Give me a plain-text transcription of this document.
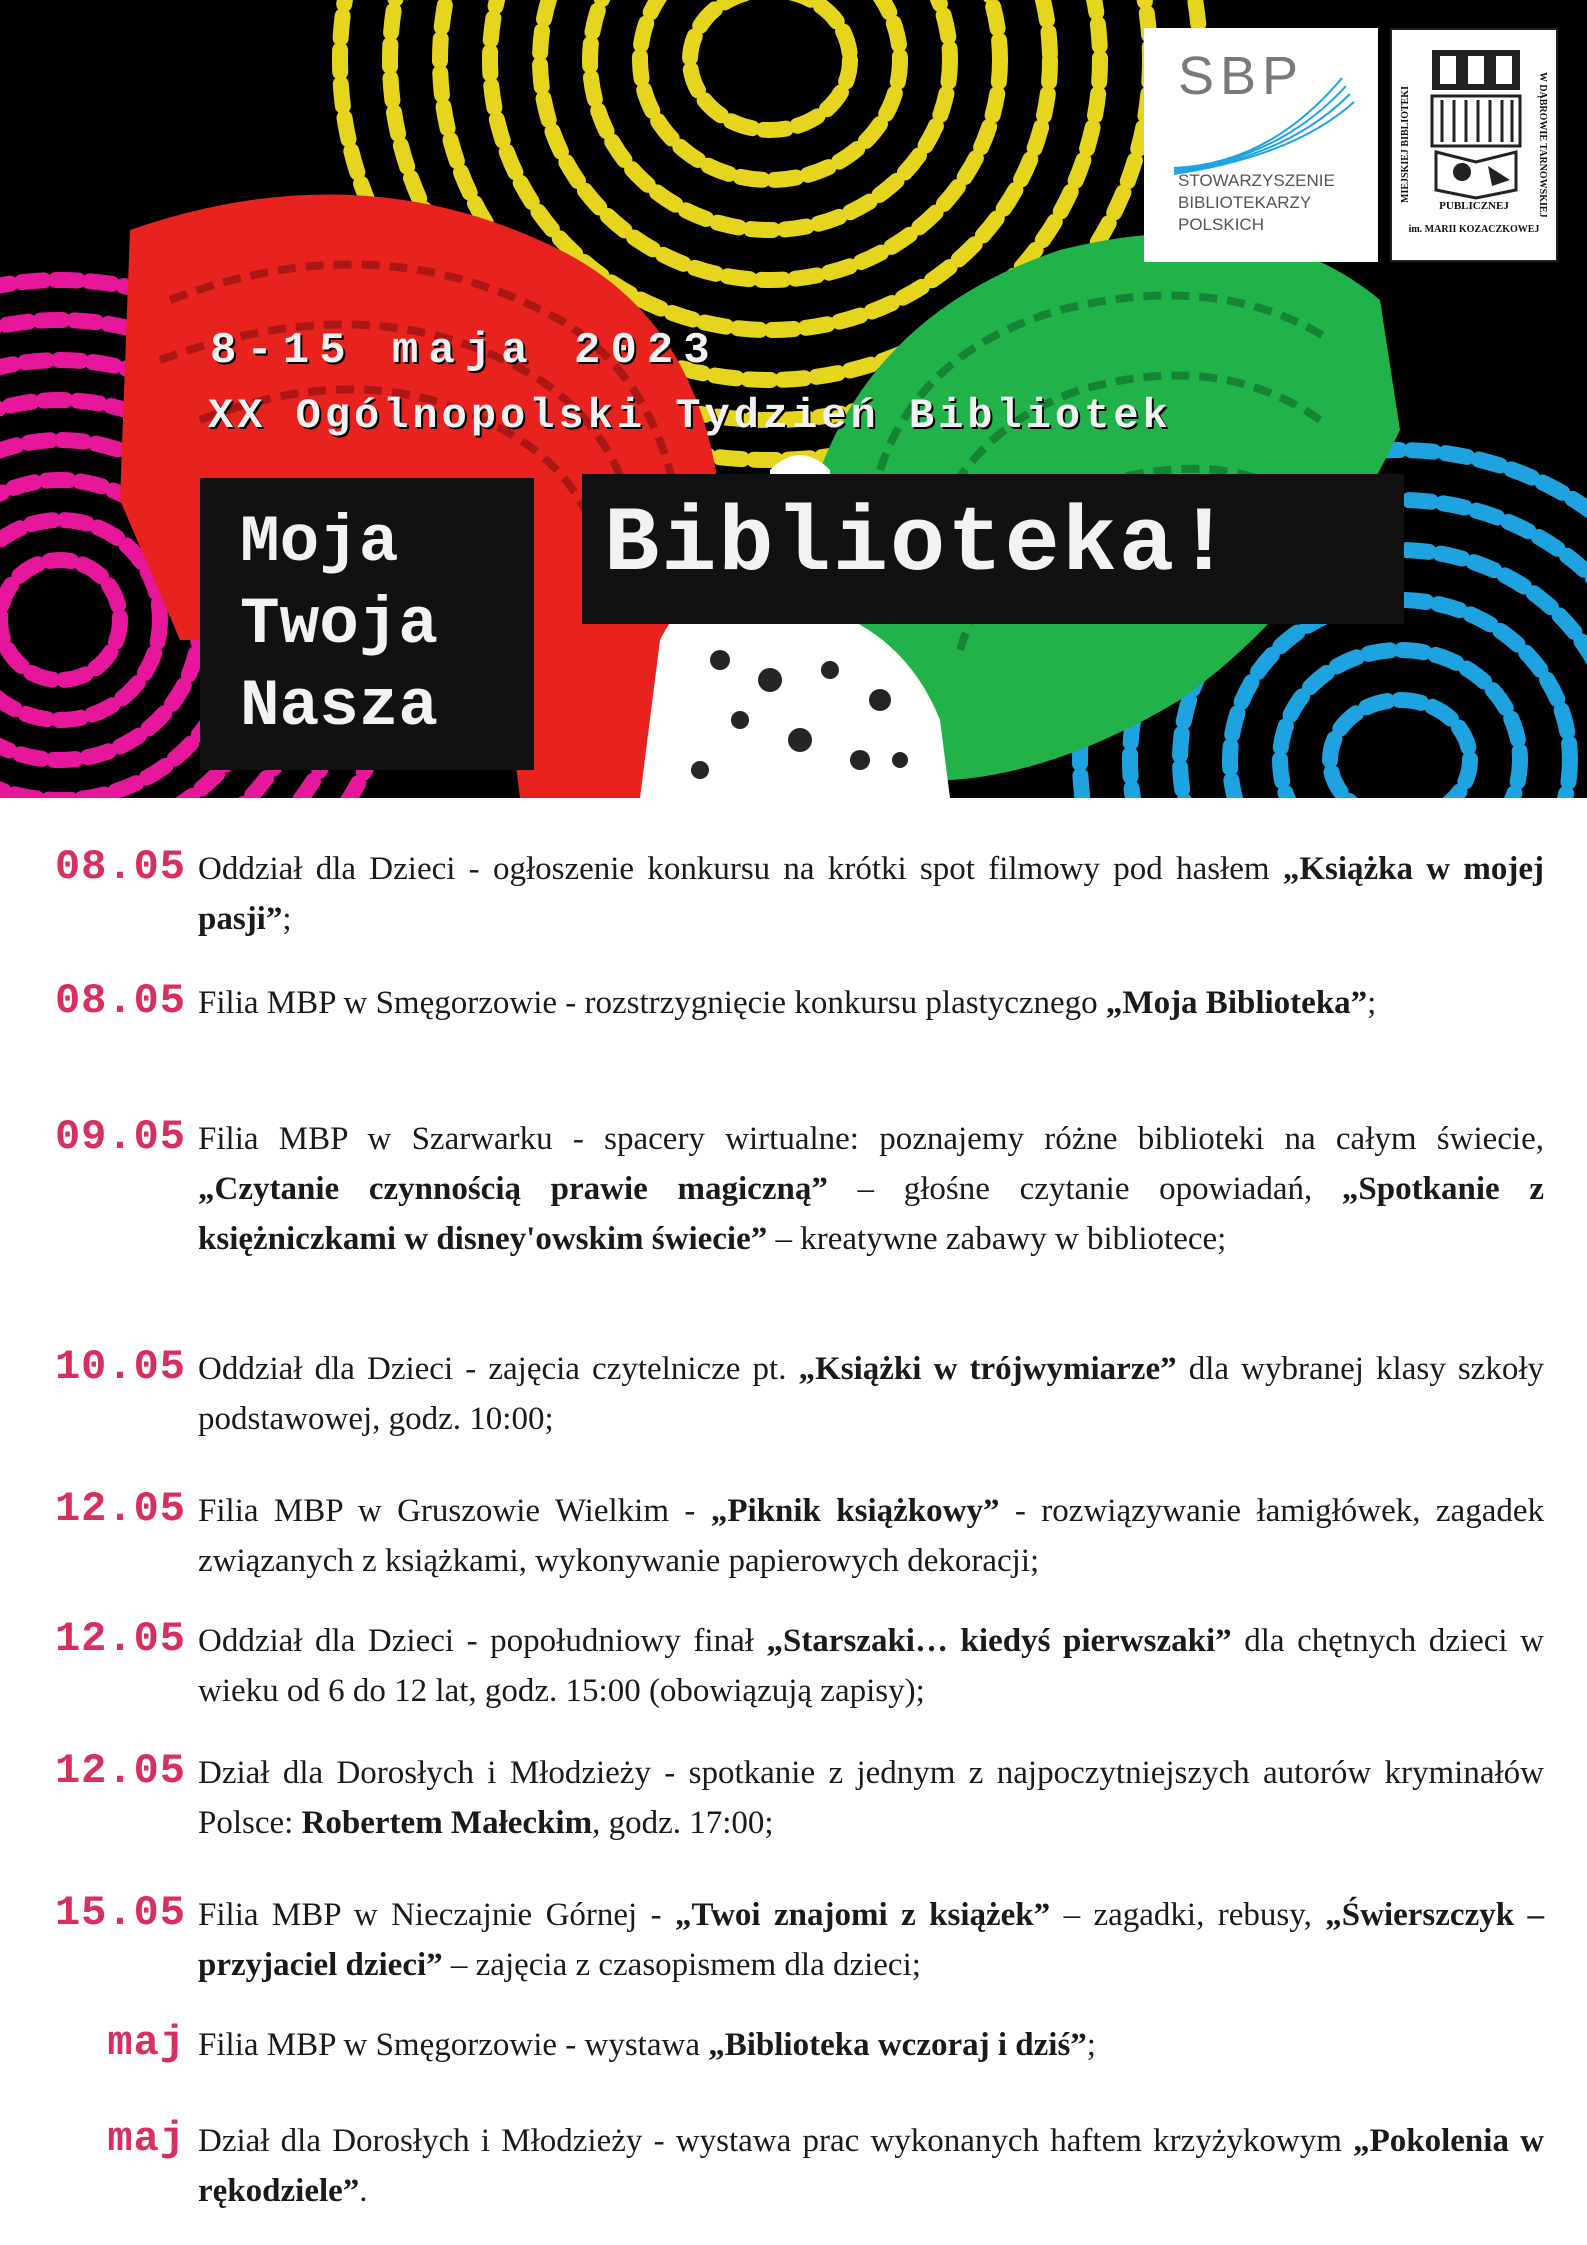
8-15 maja 2023
XX Ogólnopolski Tydzień Bibliotek
Moja
Twoja
Nasza
Biblioteka!
SBP
STOWARZYSZENIE
BIBLIOTEKARZY
POLSKICH
MIEJSKIEJ BIBLIOTEKI	W DĄBROWIE TARNOWSKIEJ
PUBLICZNEJ
im. MARII KOZACZKOWEJ
08.05 Oddział dla Dzieci - ogłoszenie konkursu na krótki spot filmowy pod hasłem „Książka w mojej pasji”;
08.05 Filia MBP w Smęgorzowie - rozstrzygnięcie konkursu plastycznego „Moja Biblioteka”;
09.05 Filia MBP w Szarwarku - spacery wirtualne: poznajemy różne biblioteki na całym świecie, „Czytanie czynnością prawie magiczną” – głośne czytanie opowiadań, „Spotkanie z księżniczkami w disney'owskim świecie” – kreatywne zabawy w bibliotece;
10.05 Oddział dla Dzieci - zajęcia czytelnicze pt. „Książki w trójwymiarze” dla wybranej klasy szkoły podstawowej, godz. 10:00;
12.05 Filia MBP w Gruszowie Wielkim - „Piknik książkowy” - rozwiązywanie łamigłówek, zagadek związanych z książkami, wykonywanie papierowych dekoracji;
12.05 Oddział dla Dzieci - popołudniowy finał „Starszaki… kiedyś pierwszaki” dla chętnych dzieci w wieku od 6 do 12 lat, godz. 15:00 (obowiązują zapisy);
12.05 Dział dla Dorosłych i Młodzieży - spotkanie z jednym z najpoczytniejszych autorów kryminałów Polsce: Robertem Małeckim, godz. 17:00;
15.05 Filia MBP w Nieczajnie Górnej - „Twoi znajomi z książek” – zagadki, rebusy, „Świerszczyk – przyjaciel dzieci” – zajęcia z czasopismem dla dzieci;
maj Filia MBP w Smęgorzowie - wystawa „Biblioteka wczoraj i dziś”;
maj Dział dla Dorosłych i Młodzieży - wystawa prac wykonanych haftem krzyżykowym „Pokolenia w rękodziele”.
